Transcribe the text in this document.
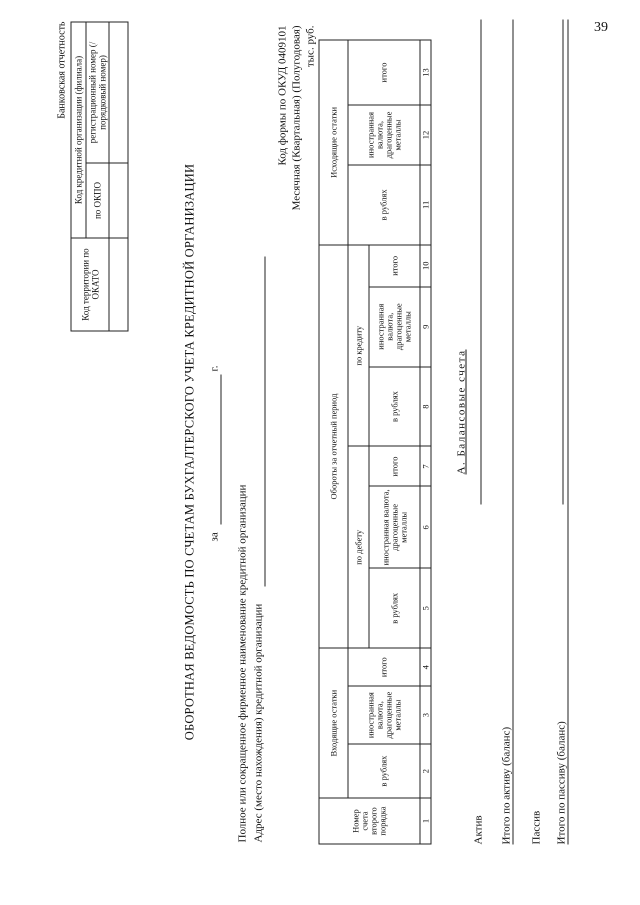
39
Банковская отчетность
Код территории по ОКАТО	Код кредитной организации (филиала)	
	по ОКПО	регистрационный номер (/порядковый номер)

ОБОРОТНАЯ ВЕДОМОСТЬ ПО СЧЕТАМ БУХГАЛТЕРСКОГО УЧЕТА КРЕДИТНОЙ ОРГАНИЗАЦИИ за
г.
Полное или сокращенное фирменное наименование кредитной организации Адрес (место нахождения) кредитной организации
Код формы по ОКУД 0409101 Месячная (Квартальная) (Полугодовая) тыс. руб.
Номер счета второго порядка	Входящие остатки			Обороты за отчетный период						Исходящие остатки		
	в рублях	иностранная валюта, драгоценные металлы	итого	по дебету			по кредиту			в рублях	иностранная валюта, драгоценные металлы	итого
				в рублях	иностранная валюта, драгоценные металлы	итого	в рублях	иностранная валюта, драгоценные металлы	итого			
1	2	3	4	5	6	7	8	9	10	11	12	13
А. Балансовые счета
Актив Итого по активу (баланс) Пассив Итого по пассиву (баланс)
